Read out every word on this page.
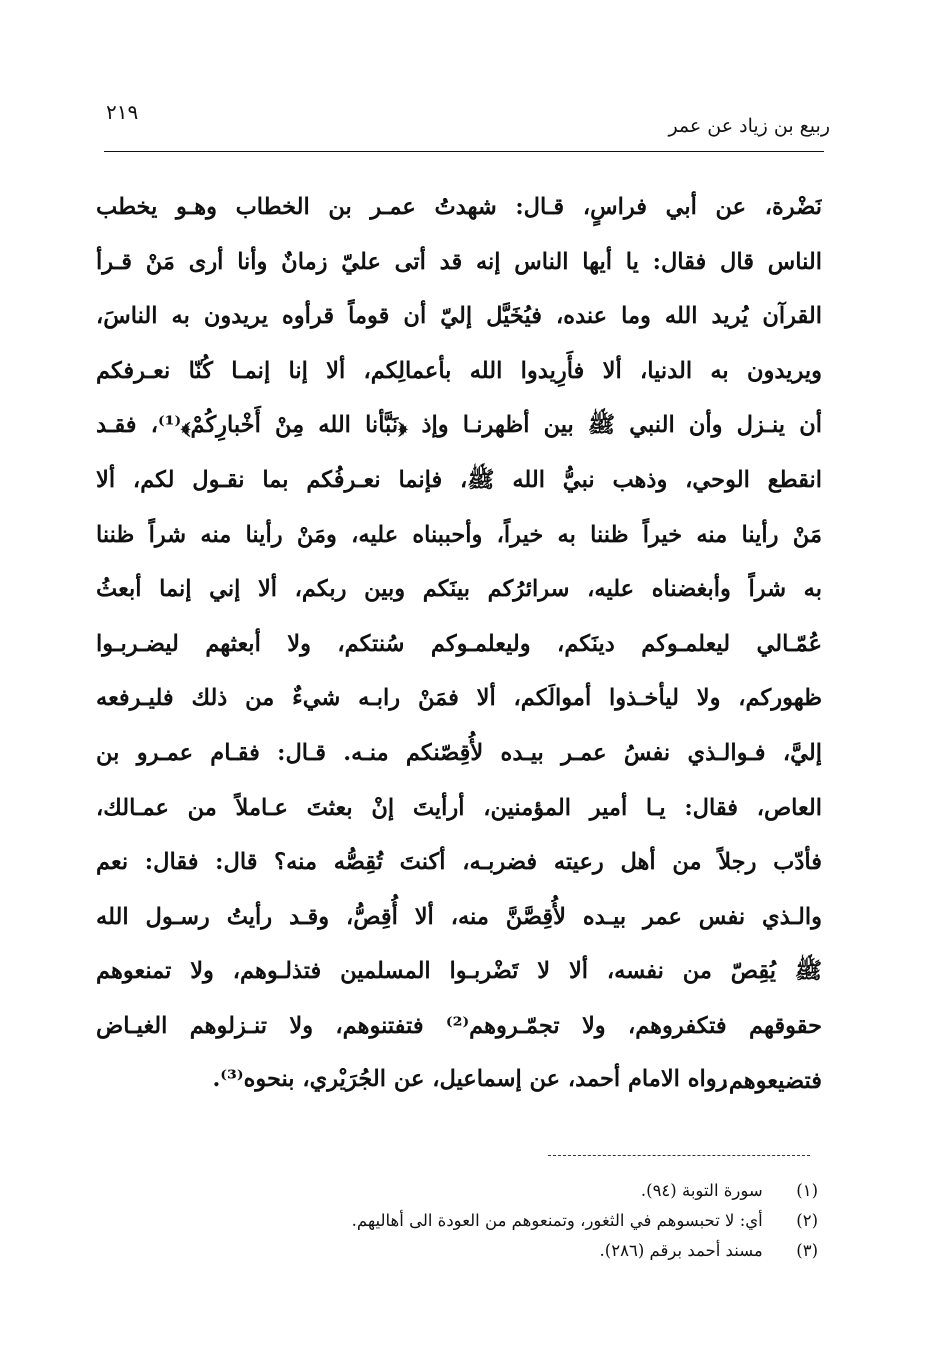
٢١٩
ربيع بن زياد عن عمر
نَضْرة، عن أبي فراسٍ، قـال: شهدتُ عمـر بن الخطاب وهـو يخطب
الناس قال فقال: يا أيها الناس إنه قد أتى عليّ زمانٌ وأنا أرى مَنْ قـرأ
القرآن يُريد الله وما عنده، فيُخَيَّل إليّ أن قوماً قرأوه يريدون به الناسَ،
ويريدون به الدنيا، ألا فأَرِيدوا الله بأعمالِكم، ألا إنا إنمـا كُنّا نعـرفكم
أن ينـزل وأن النبي ﷺ بين أظهرنـا وإذ ﴿نَبَّأنا الله مِنْ أَخْبارِكُمْ﴾⁽¹⁾، فقـد
انقطع الوحي، وذهب نبيُّ الله ﷺ، فإنما نعـرفُكم بما نقـول لكم، ألا
مَنْ رأينا منه خيراً ظننا به خيراً، وأحببناه عليه، ومَنْ رأينا منه شراً ظننا
به شراً وأبغضناه عليه، سرائرُكم بينَكم وبين ربكم، ألا إني إنما أبعثُ
عُمّـالي ليعلمـوكم دينَكم، وليعلمـوكم سُنتكم، ولا أبعثهم ليضـربـوا
ظهوركم، ولا ليأخـذوا أموالَكم، ألا فمَنْ رابـه شيءٌ من ذلك فليـرفعه
إليَّ، فـوالـذي نفسُ عمـر بيـده لأُقِصّنكم منـه. قـال: فقـام عمـرو بن
العاص، فقال: يـا أمير المؤمنين، أرأيتَ إنْ بعثتَ عـاملاً من عمـالك،
فأدّب رجلاً من أهل رعيته فضربـه، أكنتَ تُقِصُّه منه؟ قال: فقال: نعم
والـذي نفس عمر بيـده لأُقِصَّنَّ منه، ألا أُقِصُّ، وقـد رأيتُ رسـول الله
ﷺ يُقِصّ من نفسه، ألا لا تَضْربـوا المسلمين فتذلـوهم، ولا تمنعوهم
حقوقهم فتكفروهم، ولا تجمّـروهم⁽²⁾ فتفتنوهم، ولا تنـزلوهم الغيـاض
فتضيعوهم.
رواه الامام أحمد، عن إسماعيل، عن الجُرَيْري، بنحوه⁽³⁾.
(١) سورة التوبة (٩٤).
(٢) أي: لا تحبسوهم في الثغور، وتمنعوهم من العودة الى أهاليهم.
(٣) مسند أحمد برقم (٢٨٦).
